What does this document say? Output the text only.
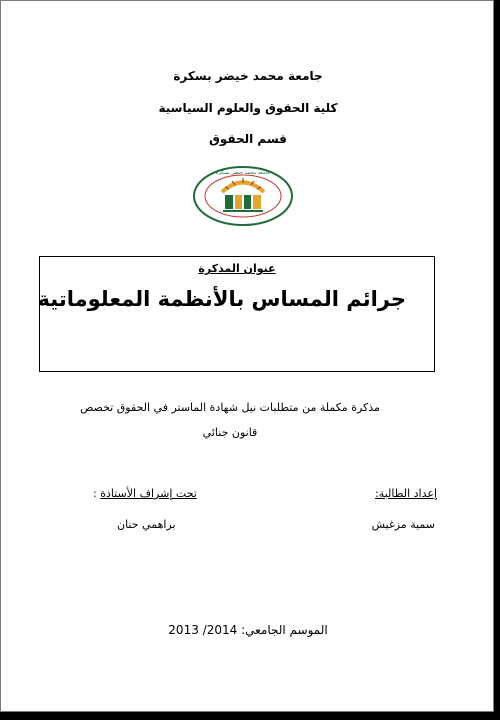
جامعة محمد خيضر بسكرة
كلية الحقوق والعلوم السياسية
قسم الحقوق
جامعة محمد خيضر بسكرة
عنوان المذكرة
جرائم المساس بالأنظمة المعلوماتية
مذكرة مكملة من متطلبات نيل شهادة الماستر في الحقوق تخصص
قانون جنائي
إعداد الطالبة:
تحت إشراف الأستاذة :
سمية مزغيش
براهمي حنان
الموسم الجامعي: 2013 /2014
